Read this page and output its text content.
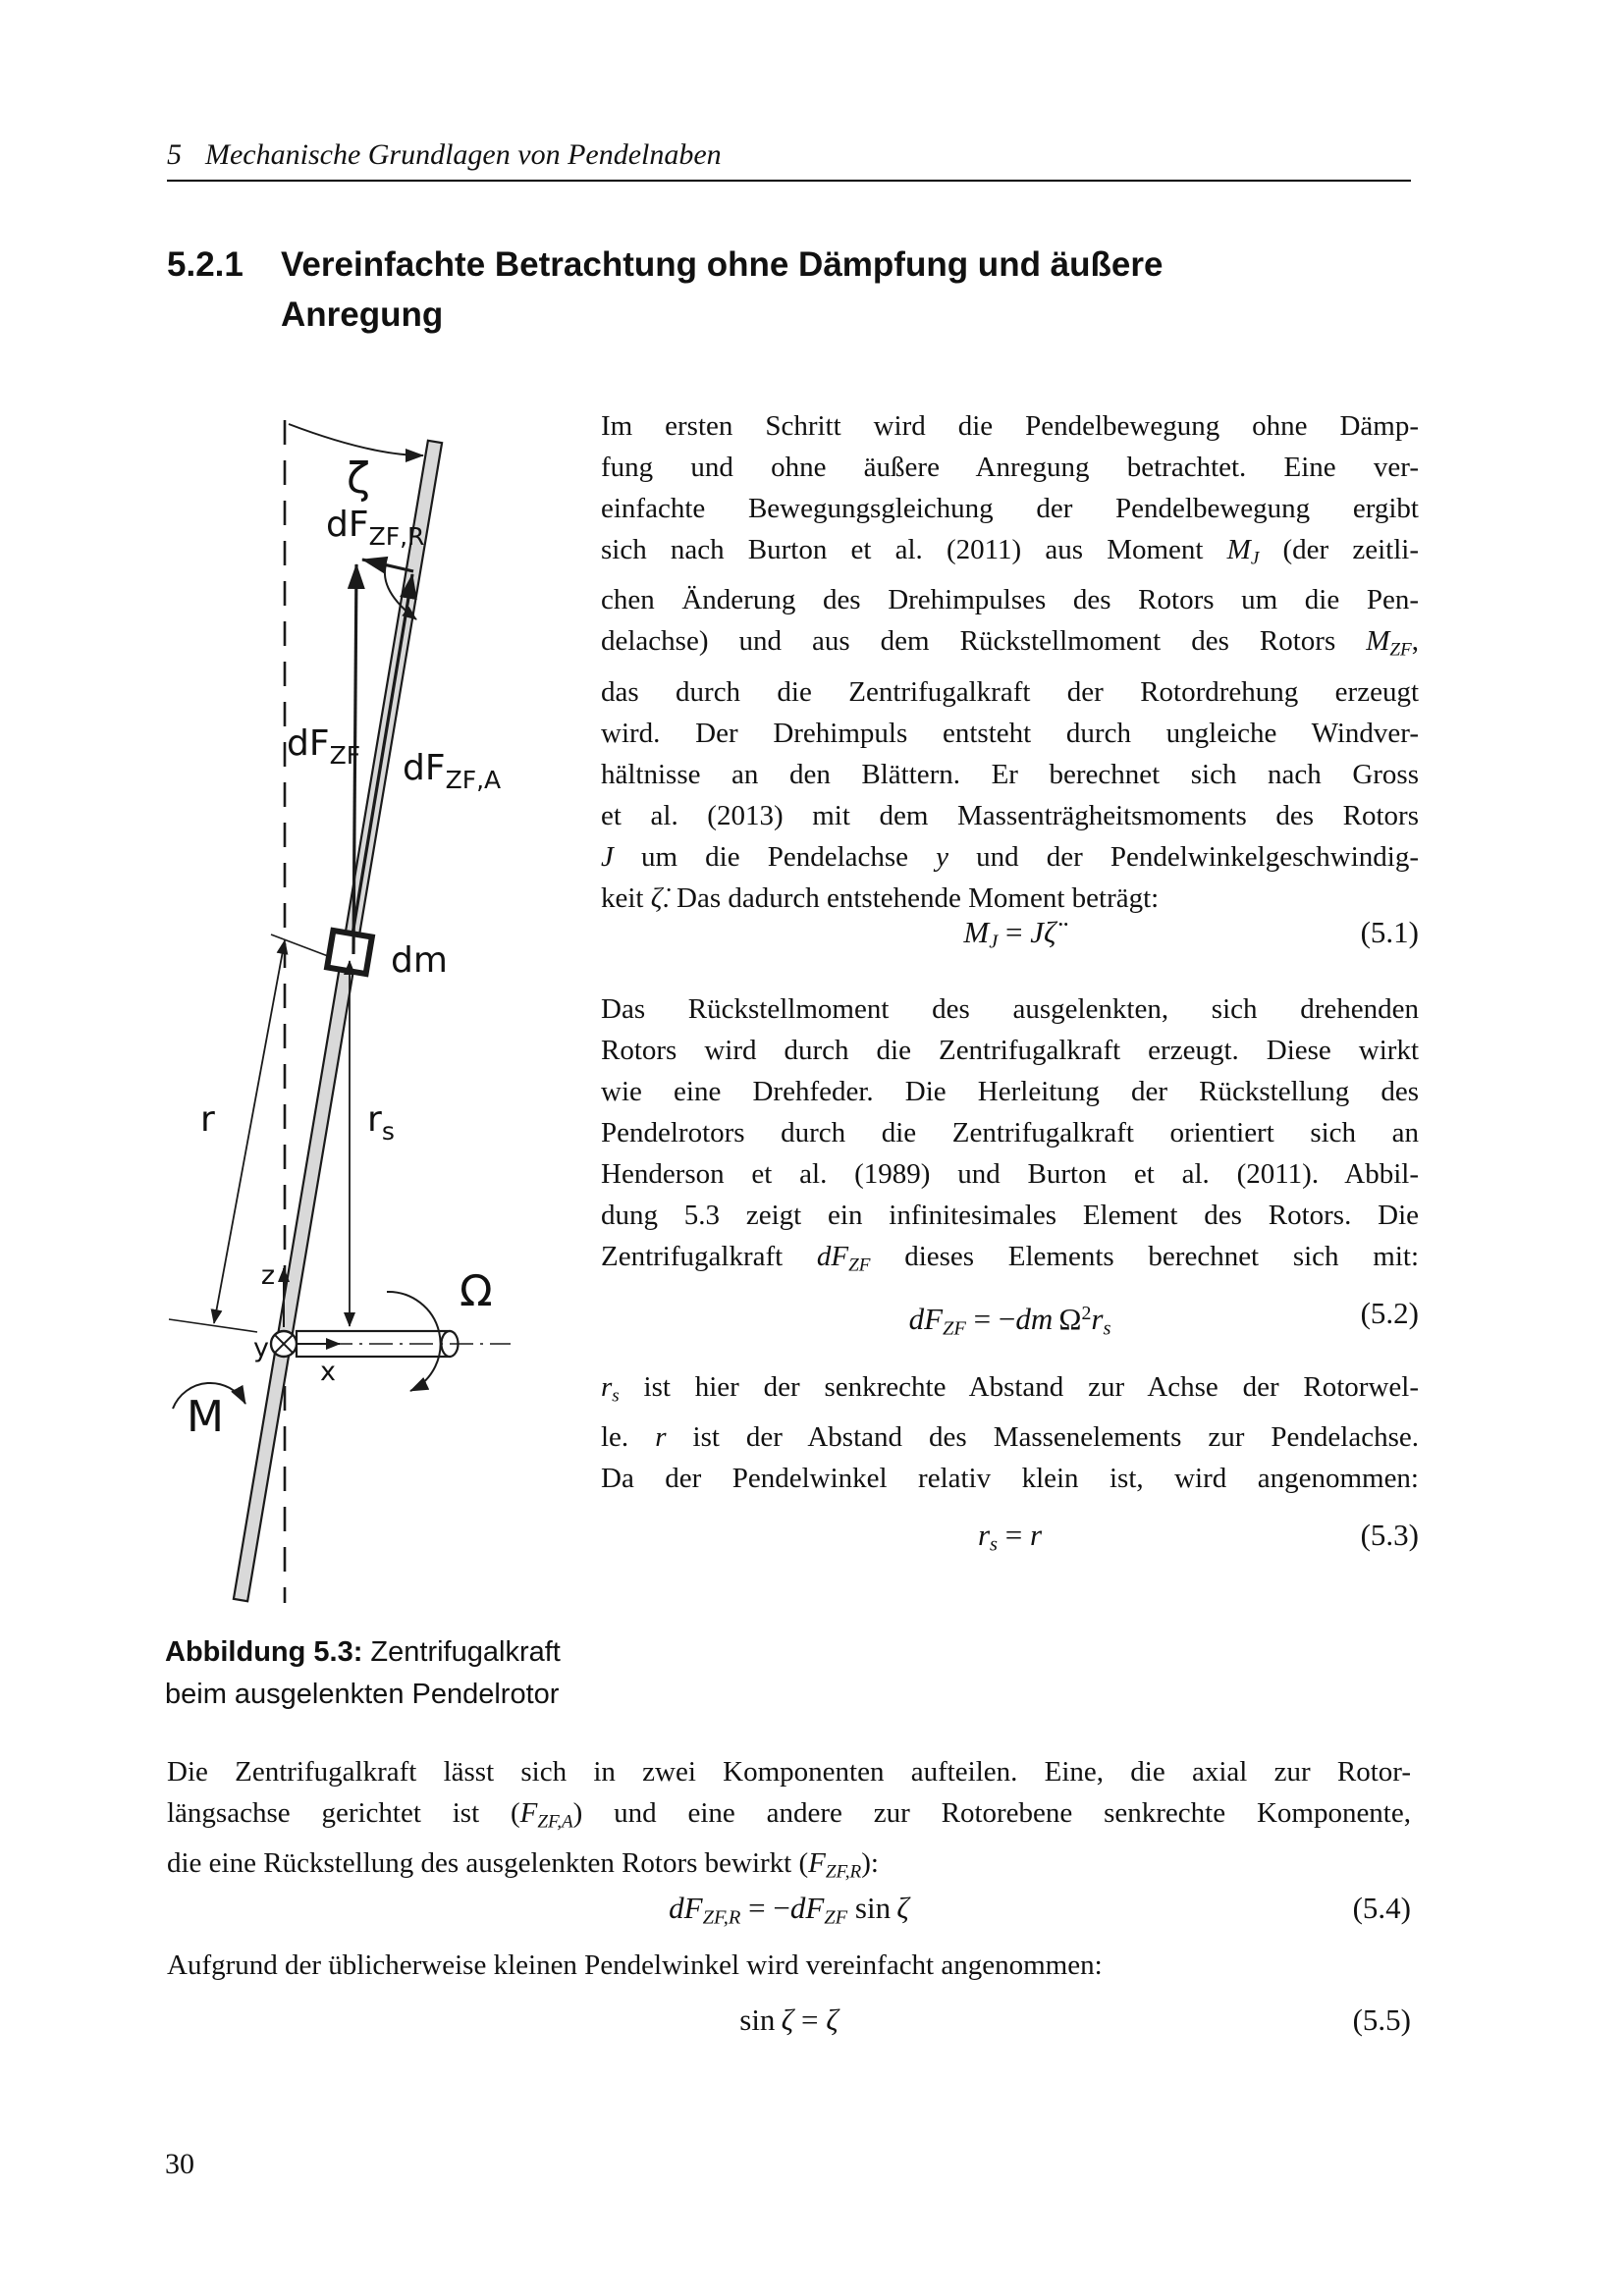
5 Mechanische Grundlagen von Pendelnaben
5.2.1 Vereinfachte Betrachtung ohne Dämpfung und äußere
Anregung
ζ
$dF_{ZF,R}$
$dF_{ZF}$ $dF_{ZF,A}$
dm
r	$r_s$
z
y
x
Ω
M
Im ersten Schritt wird die Pendelbewegung ohne Dämp-
fung und ohne äußere Anregung betrachtet. Eine ver-
einfachte Bewegungsgleichung der Pendelbewegung ergibt
sich nach Burton et al. (2011) aus Moment MJ (der zeitli-
chen Änderung des Drehimpulses des Rotors um die Pen-
delachse) und aus dem Rückstellmoment des Rotors MZF,
das durch die Zentrifugalkraft der Rotordrehung erzeugt
wird. Der Drehimpuls entsteht durch ungleiche Windver-
hältnisse an den Blättern. Er berechnet sich nach Gross
et al. (2013) mit dem Massenträgheitsmoments des Rotors
J um die Pendelachse y und der Pendelwinkelgeschwindig-
keit ζ̇. Das dadurch entstehende Moment beträgt:
MJ = Jζ̈	(5.1)
Das Rückstellmoment des ausgelenkten, sich drehenden
Rotors wird durch die Zentrifugalkraft erzeugt. Diese wirkt
wie eine Drehfeder. Die Herleitung der Rückstellung des
Pendelrotors durch die Zentrifugalkraft orientiert sich an
Henderson et al. (1989) und Burton et al. (2011). Abbil-
dung 5.3 zeigt ein infinitesimales Element des Rotors. Die
Zentrifugalkraft dFZF dieses Elements berechnet sich mit:
dFZF = −dm $\Omega^2rs$	(5.2)
rs ist hier der senkrechte Abstand zur Achse der Rotorwel-
le. r ist der Abstand des Massenelements zur Pendelachse.
Da der Pendelwinkel relativ klein ist, wird angenommen:
rs = r	(5.3)
Abbildung 5.3: Zentrifugalkraft
beim ausgelenkten Pendelrotor
Die Zentrifugalkraft lässt sich in zwei Komponenten aufteilen. Eine, die axial zur Rotor-
längsachse gerichtet ist (FZF,A) und eine andere zur Rotorebene senkrechte Komponente,
die eine Rückstellung des ausgelenkten Rotors bewirkt (FZF,R):
dFZF,R = −dFZF sin ζ	(5.4)
Aufgrund der üblicherweise kleinen Pendelwinkel wird vereinfacht angenommen:
sin ζ = ζ	(5.5)
30
